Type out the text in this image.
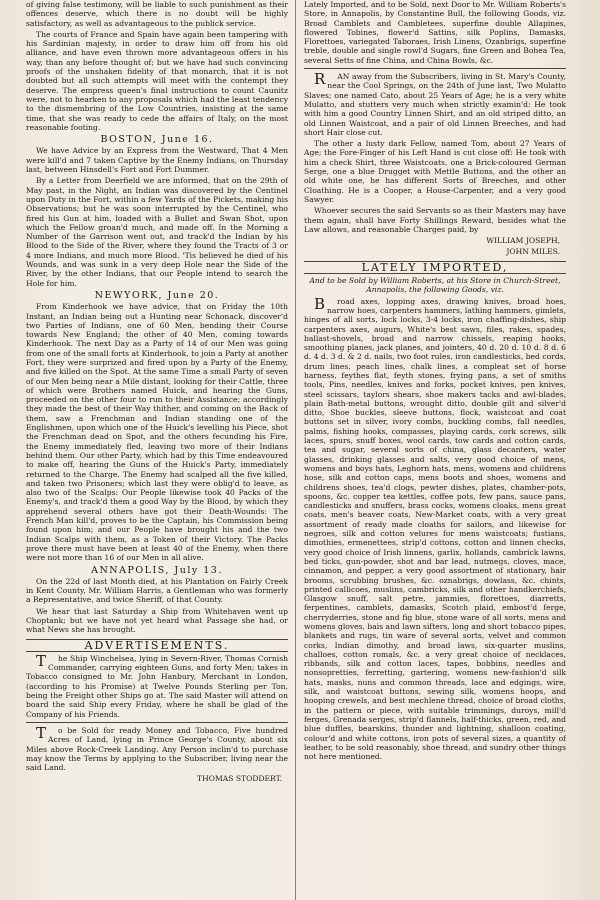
of giving false testimony, will be liable to such punishment as their offences deserve, which there is no doubt will be highly satisfactory, as well as advantageous to the publick service.

The courts of France and Spain have again been tampering with his Sardinian majesty, in order to draw him off from his old alliance, and have even thrown more advantageous offers in his way, than any before thought of; but we have had such convincing proofs of the unshaken fidelity of that monarch, that it is not doubted but all such attempts will meet with the contempt they deserve. The empress queen's final instructions to count Caunitz were, not to hearken to any proposals which had the least tendency to the dismembring of the Low Countries, insisting at the same time, that she was ready to cede the affairs of Italy, on the most reasonable footing.

BOSTON, June 16.

We have Advice by an Express from the Westward, That 4 Men were kill'd and 7 taken Captive by the Enemy Indians, on Thursday last, between Hinsdell's Fort and Fort Dummer.

By a Letter from Deerfield we are informed, that on the 29th of May past, in the Night, an Indian was discovered by the Centinel upon Duty in the Fort, within a few Yards of the Pickets, making his Observations; but he was soon interrupted by the Centinel, who fired his Gun at him, loaded with a Bullet and Swan Shot, upon which the Fellow groan'd much, and made off. In the Morning a Number of the Garrison went out, and track'd the Indian by his Blood to the Side of the River, where they found the Tracts of 3 or 4 more Indians, and much more Blood. 'Tis believed he died of his Wounds, and was sunk in a very deep Hole near the Side of the River, by the other Indians, that our People intend to search the Hole for him.

NEWYORK, June 20.

From Kinderhook we have advice, that on Friday the 10th Instant, an Indian being out a Hunting near Schonack, discover'd two Parties of Indians, one of 60 Men, bending their Course towards New England; the other of 40 Men, coming towards Kinderhook. The next Day as a Party of 14 of our Men was going from one of the small forts at Kinderhook, to join a Party at another Fort, they were surprized and fired upon by a Party of the Enemy, and five killed on the Spot. At the same Time a small Party of seven of our Men being near a Mile distant, looking for their Cattle, three of which were Brothers named Huick, and hearing the Guns, proceeded on the other four to run to their Assistance; accordingly they made the best of their Way thither, and coming on the Back of them, saw a Frenchman and Indian standing one of the Englishmen, upon which one of the Huick's levelling his Piece, shot the Frenchman dead on Spot, and the others fecunding his Fire, the Enemy immediately fled, leaving two more of their Indians behind them. Our other Party, which had by this Time endeavoured to make off, hearing the Guns of the Huick's Party, immediately returned to the Charge. The Enemy had scalped all the five killed, and taken two Prisoners; which last they were oblig'd to leave, as also two of the Scalps: Our People likewise took 40 Packs of the Enemy's, and track'd them a good Way by the Blood, by which they apprehend several others have got their Death-Wounds: The French Man kill'd, proves to be the Captain, his Commission being found upon him; and our People have brought his and the two Indian Scalps with them, as a Token of their Victory. The Packs prove there must have been at least 40 of the Enemy, when there were not more than 16 of our Men in all alive.

ANNAPOLIS, July 13.

On the 22d of last Month died, at his Plantation on Fairly Creek in Kent County, Mr. William Harris, a Gentleman who was formerly a Representative, and twice Sheriff, of that County.

We hear that last Saturday a Ship from Whitehaven went up Choptank; but we have not yet heard what Passage she had, or what News she has brought.

ADVERTISEMENTS.

The Ship Winchelsea, lying in Severn-River, Thomas Cornish Commander, carrying eighteen Guns, and forty Men; takes in Tobacco consigned to Mr. John Hanbury, Merchant in London, (according to his Promise) at Twelve Pounds Sterling per Ton, being the Freight other Ships go at. The said Master will attend on board the said Ship every Friday, where he shall be glad of the Company of his Friends.

To be Sold for ready Money and Tobacco, Five hundred Acres of Land, lying in Prince George's County, about six Miles above Rock-Creek Landing. Any Person inclin'd to purchase may know the Terms by applying to the Subscriber, living near the said Land.

THOMAS STODDERT.

Lately Imported, and to be Sold, next Door to Mr. William Roberts's Store, in Annapolis, by Constantine Bull, the following Goods, viz. Broad Camblets and Cambletees, superfine double Allapines, flowered Tobines, flower'd Sattins, silk Poplins, Damasks, Florettoes, variegated Taboraes, Irish Linens, Ozanbrigs, superfine treble, double and single rowl'd Sugars, fine Green and Bohea Tea, several Setts of fine China, and China Bowls, &c.

RAN away from the Subscribers, living in St. Mary's County, near the Cool Springs, on the 24th of June last, Two Mulatto Slaves; one named Cato, about 25 Years of Age; he is a very white Mulatto, and stutters very much when strictly examin'd: He took with him a good Country Linnen Shirt, and an old striped ditto, an old Linnen Waistcoat, and a pair of old Linnen Breeches, and had short Hair close cut.

The other a lusty dark Fellow, named Tom, about 27 Years of Age; the Fore-Finger of his Left Hand is cut close off: He took with him a check Shirt, three Waistcoats, one a Brick-coloured German Serge, one a blue Drugget with Mettle Buttons, and the other an old white one, he has different Sorts of Breeches, and other Cloathing. He is a Cooper, a House-Carpenter, and a very good Sawyer.

Whoever secures the said Servants so as their Masters may have them again, shall have Forty Shillings Reward, besides what the Law allows, and reasonable Charges paid, by

WILLIAM JOSEPH,

JOHN MILES.

LATELY IMPORTED,

And to be Sold by William Roberts, at his Store in Church-Street, Annapolis, the following Goods, viz.

Broad axes, lopping axes, drawing knives, broad hoes, narrow hoes, carpenters hammers, lathing hammers, gimlets, hinges of all sorts, lock locks, 3-4 locks, iron chaffing-dishes, ship carpenters axes, augurs, White's best saws, files, rakes, spades, ballast-shovels, broad and narrow chissels, reaping hooks, smoothing planes, jack planes, and jointers, 40 d. 20 d. 10 d. 8 d. 6 d. 4 d. 3 d. & 2 d. nails, two foot rules, iron candlesticks, bed cords, drum lines, peach lines, chalk lines, a compleat set of horse harness, feythes flat, feyth stones, frying pans, a set of smiths tools, Pins, needles, knives and forks, pocket knives, pen knives, steel scissars, taylors shears, shoe makers tacks and awl-blades, plain Bath-metal buttons, wrought ditto, double gilt and silver'd ditto, Shoe buckles, sleeve buttons, flock, waistcoat and coat buttons set in silver, ivory combs, buckling combs, fall needles, palms, fishing hooks, compasses, playing cards, cork screws, silk laces, spurs, snuff boxes, wool cards, tow cards and cotton cards, tea and sugar, several sorts of china, glass decanters, water glasses, drinking glasses and salts, very good choice of mens, womens and boys hats, Leghorn hats, mens, womens and childrens hose, silk and cotton caps, mens boots and shoes, womens and childrens shoes, tea'd clogs, pewter dishes, plates, chamber-pots, spoons, &c. copper tea kettles, coffee pots, few pans, sauce pans, candlesticks and snuffers, brass cocks, womens cloaks, mens great coats, men's beaver coats, New-Market coats, with a very great assortment of ready made cloaths for sailors, and likewise for negroes, silk and cotton velures for mens waistcoats; fustians, dimothies, ermenettees, strip'd cottons, cotton and linnen checks, very good choice of Irish linnens, garlix, hollands, cambrick lawns, bed ticks, gun-powder, shot and bar lead, nutmegs, cloves, mace, cinnamon, and pepper, a very good assortment of stationary, hair brooms, scrubbing brushes, &c. oznabrigs, dowlass, &c. chints, printed callicoes, muslins, cambricks, silk and other handkerchiefs, Glasgow snuff, salt petre, jammies, florettoes, diarretts, ferpentines, camblets, damasks, Scotch plaid, embost'd ferge, cherryderries, stone and fig blue, stone ware of all sorts, mens and womens gloves, bais and lawn sifters, long and short tobacco pipes, blankets and rugs, tin ware of several sorts, velvet and common corks, Indian dimothy, and broad laws, six-quarter muslins, challoes, cotton romals, &c. a very great choice of necklaces, ribbands, silk and cotton laces, tapes, bobbins, needles and nonsopretties, ferretting, gartering, womens new-fashion'd silk hats, masks, nuns and common threads, lace and edgings, wire, silk, and waistcoat buttons, sewing silk, womens hoops, and hooping crewels, and best mechlene thread, choice of broad cloths, in the pattern or piece, with suitable trimmings, duroys, mill'd ferges, Grenada serges, strip'd flannels, half-thicks, green, red, and blue duffles, bearskins, thunder and lightning, shalloon coating, colour'd and white cottons, iron pots of several sizes, a quantity of leather, to be sold reasonably, shoe thread, and sundry other things not here mentioned.
